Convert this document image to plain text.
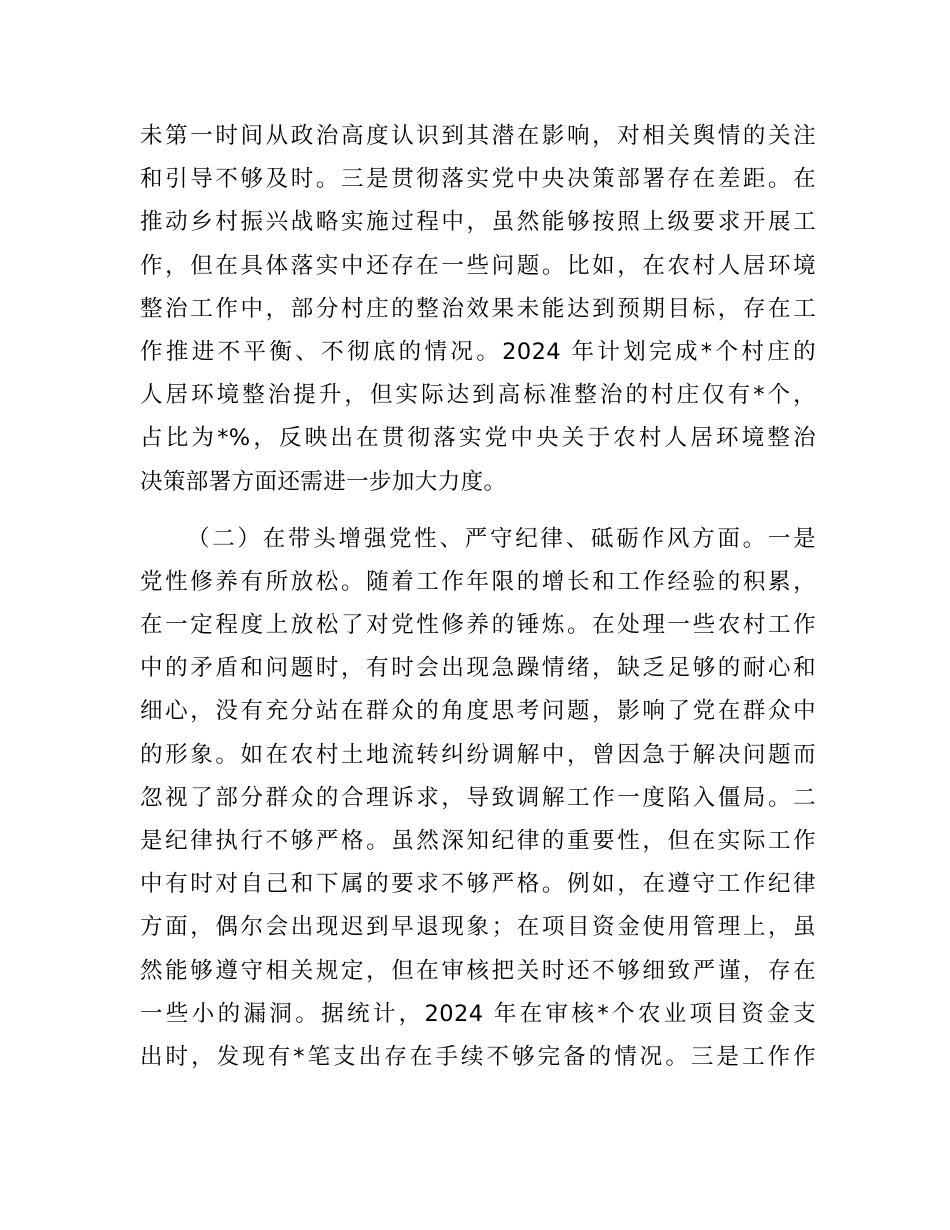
未第一时间从政治高度认识到其潜在影响，对相关舆情的关注
和引导不够及时。三是贯彻落实党中央决策部署存在差距。在
推动乡村振兴战略实施过程中，虽然能够按照上级要求开展工
作，但在具体落实中还存在一些问题。比如，在农村人居环境
整治工作中，部分村庄的整治效果未能达到预期目标，存在工
作推进不平衡、不彻底的情况。2024 年计划完成*个村庄的
人居环境整治提升，但实际达到高标准整治的村庄仅有*个，
占比为*%，反映出在贯彻落实党中央关于农村人居环境整治
决策部署方面还需进一步加大力度。
（二）在带头增强党性、严守纪律、砥砺作风方面。一是
党性修养有所放松。随着工作年限的增长和工作经验的积累，
在一定程度上放松了对党性修养的锤炼。在处理一些农村工作
中的矛盾和问题时，有时会出现急躁情绪，缺乏足够的耐心和
细心，没有充分站在群众的角度思考问题，影响了党在群众中
的形象。如在农村土地流转纠纷调解中，曾因急于解决问题而
忽视了部分群众的合理诉求，导致调解工作一度陷入僵局。二
是纪律执行不够严格。虽然深知纪律的重要性，但在实际工作
中有时对自己和下属的要求不够严格。例如，在遵守工作纪律
方面，偶尔会出现迟到早退现象；在项目资金使用管理上，虽
然能够遵守相关规定，但在审核把关时还不够细致严谨，存在
一些小的漏洞。据统计，2024 年在审核*个农业项目资金支
出时，发现有*笔支出存在手续不够完备的情况。三是工作作
